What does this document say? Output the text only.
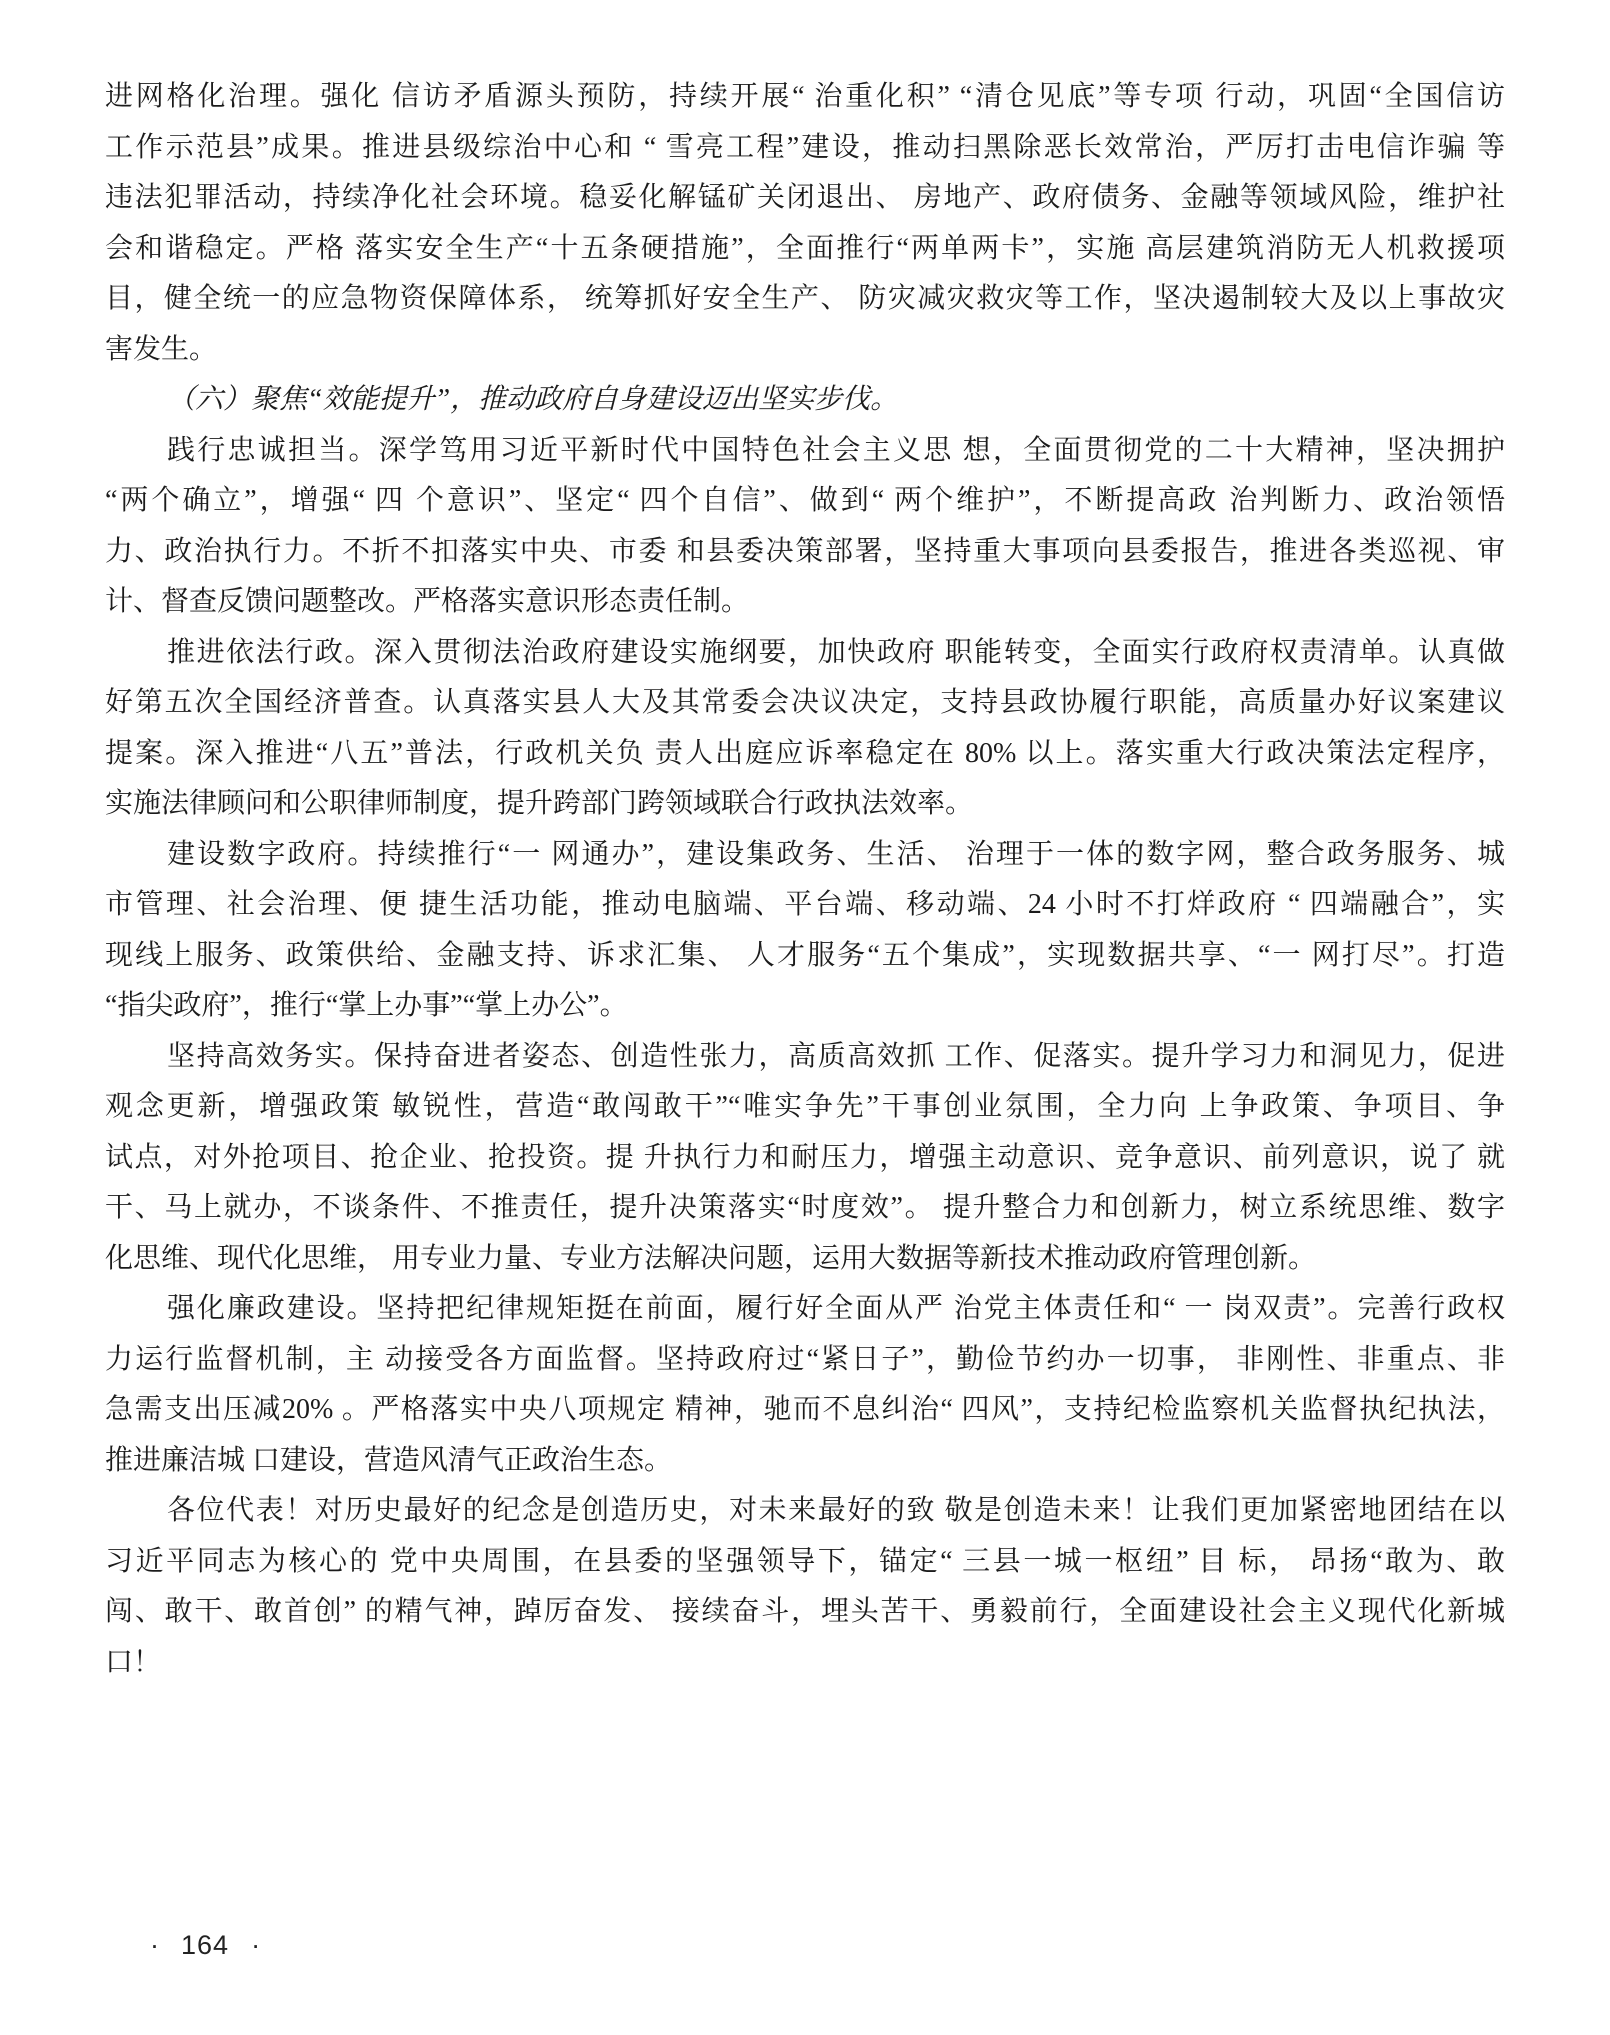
进网格化治理。强化 信访矛盾源头预防，持续开展“ 治重化积” “清仓见底”等专项 行动，巩固“全国信访
工作示范县”成果。推进县级综治中心和 “ 雪亮工程”建设，推动扫黑除恶长效常治，严厉打击电信诈骗 等
违法犯罪活动，持续净化社会环境。稳妥化解锰矿关闭退出、 房地产、政府债务、金融等领域风险，维护社
会和谐稳定。严格 落实安全生产“十五条硬措施”，全面推行“两单两卡”，实施 高层建筑消防无人机救援项
目，健全统一的应急物资保障体系， 统筹抓好安全生产、 防灾减灾救灾等工作，坚决遏制较大及以上事故灾
害发生。
（六）聚焦“效能提升”，推动政府自身建设迈出坚实步伐。
践行忠诚担当。深学笃用习近平新时代中国特色社会主义思 想，全面贯彻党的二十大精神，坚决拥护
“两个确立”，增强“ 四 个意识”、坚定“ 四个自信”、做到“ 两个维护”，不断提高政 治判断力、政治领悟
力、政治执行力。不折不扣落实中央、市委 和县委决策部署，坚持重大事项向县委报告，推进各类巡视、审
计、督查反馈问题整改。严格落实意识形态责任制。
推进依法行政。深入贯彻法治政府建设实施纲要，加快政府 职能转变，全面实行政府权责清单。认真做
好第五次全国经济普查。认真落实县人大及其常委会决议决定，支持县政协履行职能，高质量办好议案建议
提案。深入推进“八五”普法，行政机关负 责人出庭应诉率稳定在 80% 以上。落实重大行政决策法定程序，
实施法律顾问和公职律师制度，提升跨部门跨领域联合行政执法效率。
建设数字政府。持续推行“一 网通办”，建设集政务、生活、 治理于一体的数字网，整合政务服务、城
市管理、社会治理、便 捷生活功能，推动电脑端、平台端、移动端、24 小时不打烊政府 “ 四端融合”，实
现线上服务、政策供给、金融支持、诉求汇集、 人才服务“五个集成”，实现数据共享、“一 网打尽”。打造
“指尖政府”，推行“掌上办事”“掌上办公”。
坚持高效务实。保持奋进者姿态、创造性张力，高质高效抓 工作、促落实。提升学习力和洞见力，促进
观念更新，增强政策 敏锐性，营造“敢闯敢干”“唯实争先”干事创业氛围，全力向 上争政策、争项目、争
试点，对外抢项目、抢企业、抢投资。提 升执行力和耐压力，增强主动意识、竞争意识、前列意识，说了 就
干、马上就办，不谈条件、不推责任，提升决策落实“时度效”。 提升整合力和创新力，树立系统思维、数字
化思维、现代化思维， 用专业力量、专业方法解决问题，运用大数据等新技术推动政府管理创新。
强化廉政建设。坚持把纪律规矩挺在前面，履行好全面从严 治党主体责任和“ 一 岗双责”。完善行政权
力运行监督机制，主 动接受各方面监督。坚持政府过“紧日子”，勤俭节约办一切事， 非刚性、非重点、非
急需支出压减20% 。严格落实中央八项规定 精神，驰而不息纠治“ 四风”，支持纪检监察机关监督执纪执法，
推进廉洁城 口建设，营造风清气正政治生态。
各位代表！对历史最好的纪念是创造历史，对未来最好的致 敬是创造未来！让我们更加紧密地团结在以
习近平同志为核心的 党中央周围，在县委的坚强领导下，锚定“ 三县一城一枢纽” 目 标， 昂扬“敢为、敢
闯、敢干、敢首创” 的精气神，踔厉奋发、 接续奋斗，埋头苦干、勇毅前行，全面建设社会主义现代化新城
口！
· 164 ·
